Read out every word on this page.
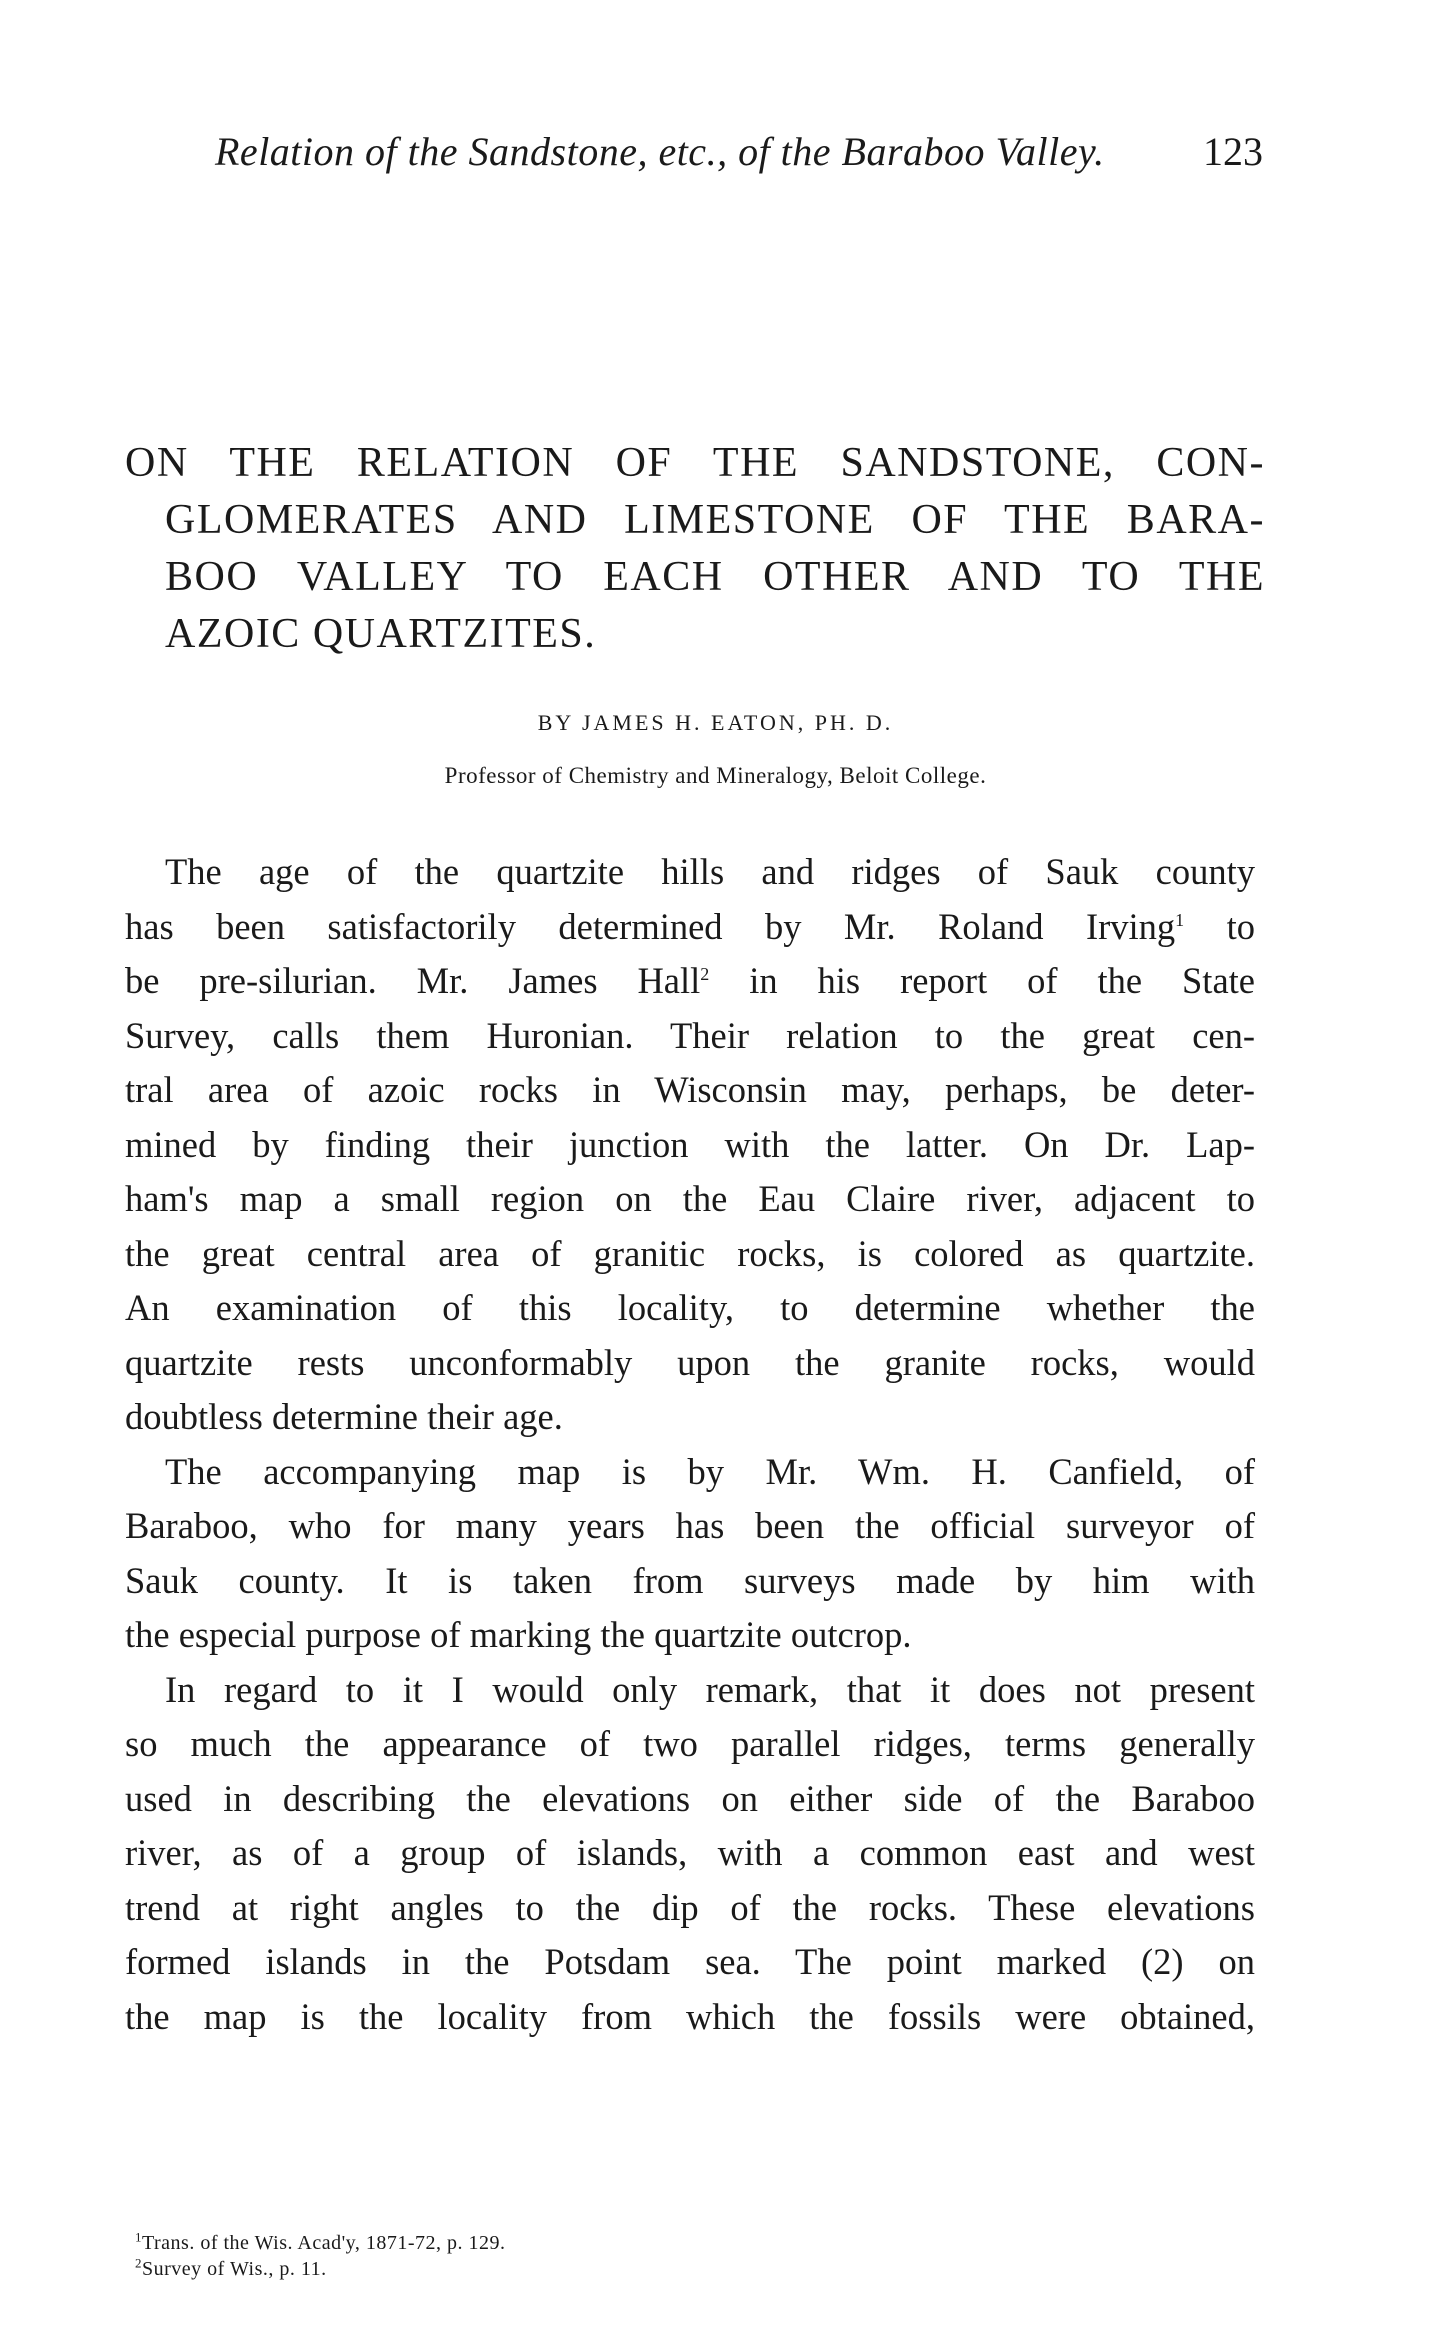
Relation of the Sandstone, etc., of the Baraboo Valley.	123
ON THE RELATION OF THE SANDSTONE, CON-
GLOMERATES AND LIMESTONE OF THE BARA-
BOO VALLEY TO EACH OTHER AND TO THE
AZOIC QUARTZITES.
BY JAMES H. EATON, PH. D.
Professor of Chemistry and Mineralogy, Beloit College.
The age of the quartzite hills and ridges of Sauk county
has been satisfactorily determined by Mr. Roland Irving$^1$ to
be pre-silurian. Mr. James Hall$^2$ in his report of the State
Survey, calls them Huronian. Their relation to the great cen-
tral area of azoic rocks in Wisconsin may, perhaps, be deter-
mined by finding their junction with the latter. On Dr. Lap-
ham's map a small region on the Eau Claire river, adjacent to
the great central area of granitic rocks, is colored as quartzite.
An examination of this locality, to determine whether the
quartzite rests unconformably upon the granite rocks, would
doubtless determine their age.
The accompanying map is by Mr. Wm. H. Canfield, of
Baraboo, who for many years has been the official surveyor of
Sauk county. It is taken from surveys made by him with
the especial purpose of marking the quartzite outcrop.
In regard to it I would only remark, that it does not present
so much the appearance of two parallel ridges, terms generally
used in describing the elevations on either side of the Baraboo
river, as of a group of islands, with a common east and west
trend at right angles to the dip of the rocks. These elevations
formed islands in the Potsdam sea. The point marked (2) on
the map is the locality from which the fossils were obtained,
$^1$Trans. of the Wis. Acad'y, 1871-72, p. 129.
$^2$Survey of Wis., p. 11.
